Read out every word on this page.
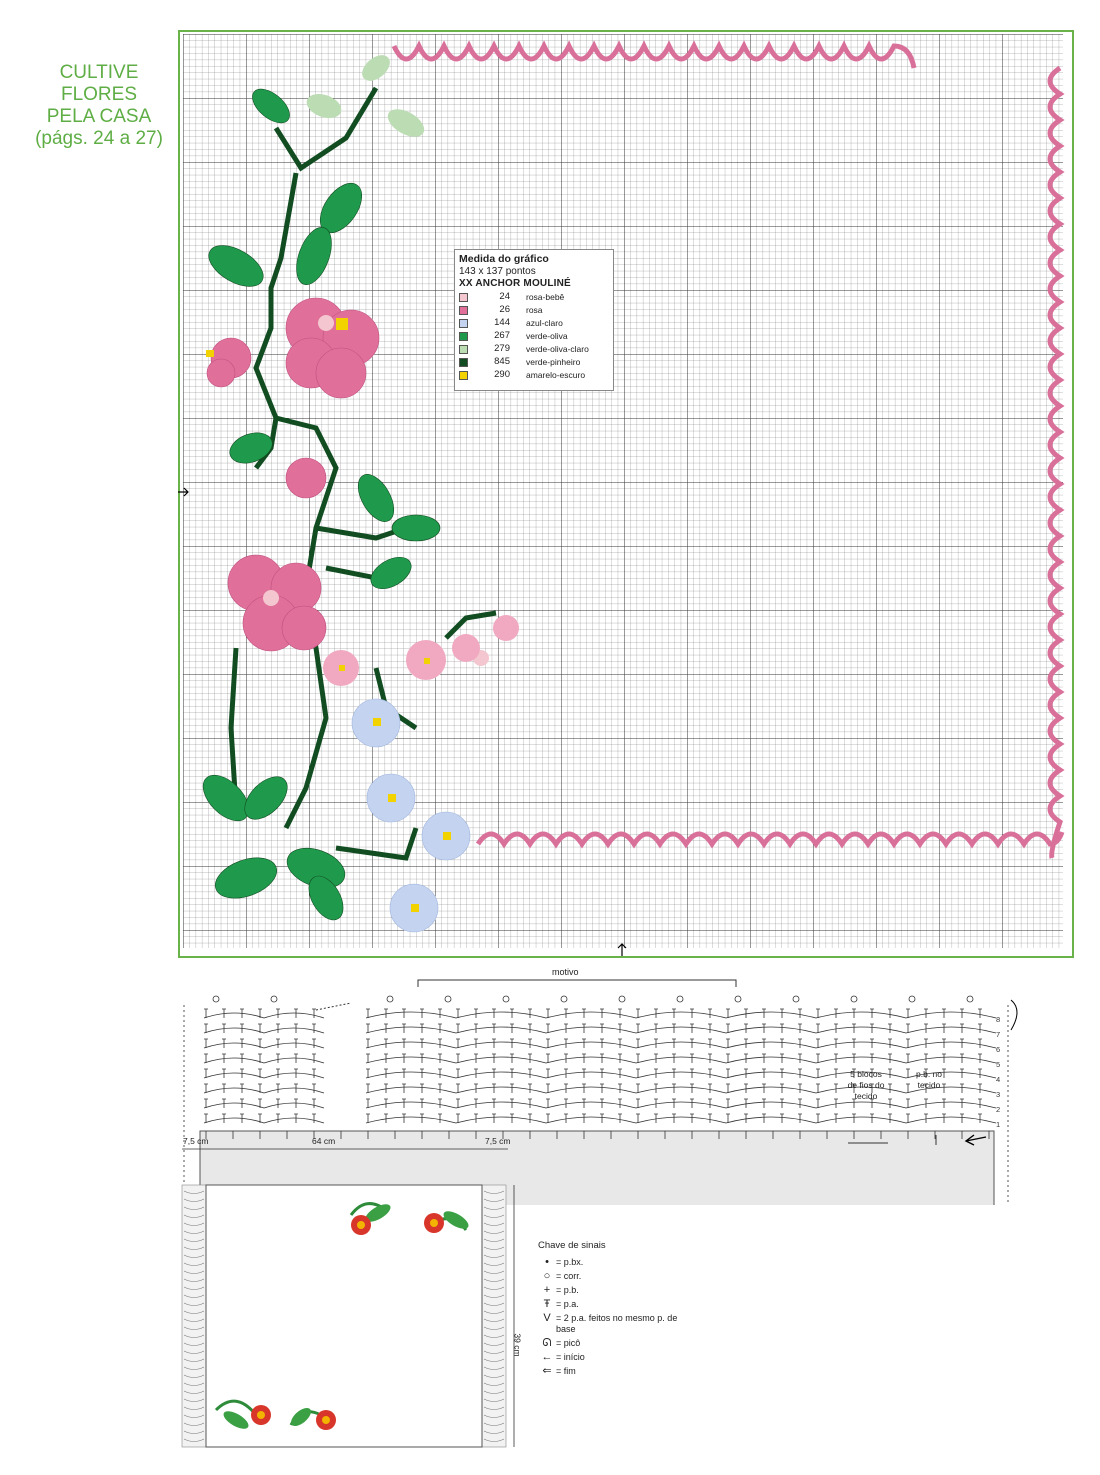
CULTIVE
FLORES
PELA CASA
(págs. 24 a 27)
Medida do gráfico
143 x 137 pontos
XX ANCHOR MOULINÉ
24 rosa-bebê
26 rosa
144 azul-claro
267 verde-oliva
279 verde-oliva-claro
845 verde-pinheiro
290 amarelo-escuro
motivo
5 blocos
de fios do
tecido
p.b. no
tecido
1
2
3
4
5
6
7
8
7,5 cm	64 cm	7,5 cm
39 cm
Chave de sinais
• = p.bx.
○ = corr.
+ = p.b.
Ŧ = p.a.
V = 2 p.a. feitos no mesmo p. de base
ᘏ = picô
← = início
⇐ = fim
